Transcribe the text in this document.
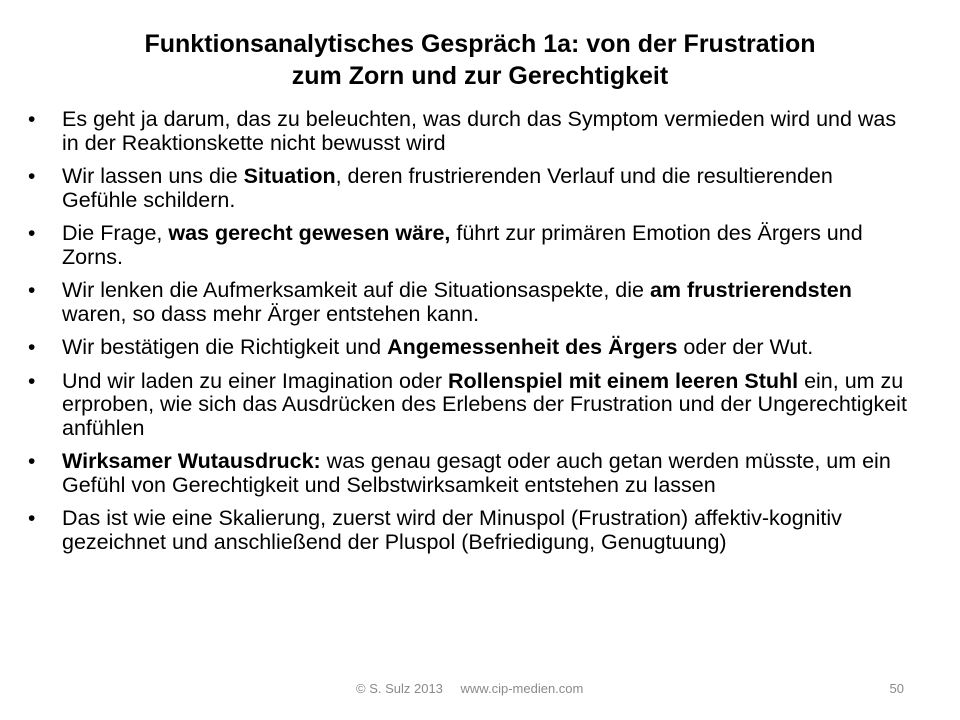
Funktionsanalytisches Gespräch 1a: von der Frustration
zum Zorn und zur Gerechtigkeit
• Es geht ja darum, das zu beleuchten, was durch das Symptom vermieden wird und was in der Reaktionskette nicht bewusst wird
• Wir lassen uns die Situation, deren frustrierenden Verlauf und die resultierenden Gefühle schildern.
• Die Frage, was gerecht gewesen wäre, führt zur primären Emotion des Ärgers und Zorns.
• Wir lenken die Aufmerksamkeit auf die Situationsaspekte, die am frustrierendsten waren, so dass mehr Ärger entstehen kann.
• Wir bestätigen die Richtigkeit und Angemessenheit des Ärgers oder der Wut.
• Und wir laden zu einer Imagination oder Rollenspiel mit einem leeren Stuhl ein, um zu erproben, wie sich das Ausdrücken des Erlebens der Frustration und der Ungerechtigkeit anfühlen
• Wirksamer Wutausdruck: was genau gesagt oder auch getan werden müsste, um ein Gefühl von Gerechtigkeit und Selbstwirksamkeit entstehen zu lassen
• Das ist wie eine Skalierung, zuerst wird der Minuspol (Frustration) affektiv-kognitiv gezeichnet und anschließend der Pluspol (Befriedigung, Genugtuung)
© S. Sulz 2013 www.cip-medien.com	50
